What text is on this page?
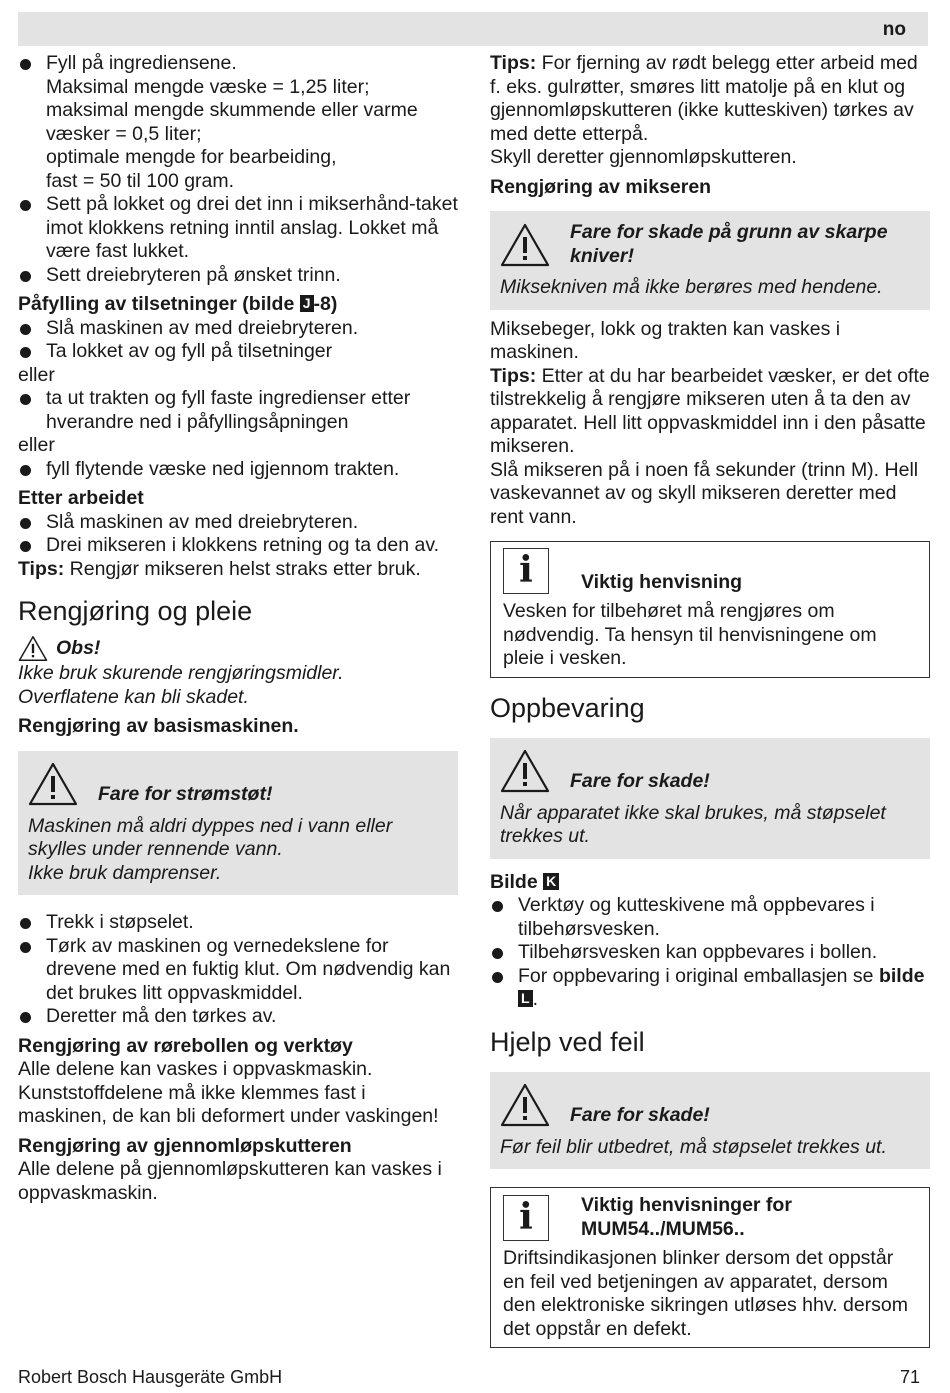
no

Fyll på ingrediensene.

Maksimal mengde væske = 1,25 liter;

maksimal mengde skummende eller varme væsker = 0,5 liter;

optimale mengde for bearbeiding,

fast = 50 til 100 gram.

Sett på lokket og drei det inn i mikserhånd-taket imot klokkens retning inntil anslag. Lokket må være fast lukket.
Sett dreiebryteren på ønsket trinn.

Påfylling av tilsetninger (bilde J -8)

Slå maskinen av med dreiebryteren.
Ta lokket av og fyll på tilsetninger

eller

ta ut trakten og fyll faste ingredienser etter hverandre ned i påfyllingsåpningen

eller

fyll flytende væske ned igjennom trakten.

Etter arbeidet

Slå maskinen av med dreiebryteren.
Drei mikseren i klokkens retning og ta den av.

Tips: Rengjør mikseren helst straks etter bruk.

Rengjøring og pleie

Obs!

Ikke bruk skurende rengjøringsmidler.

Overflatene kan bli skadet.

Rengjøring av basismaskinen.

Fare for strømstøt!

Maskinen må aldri dyppes ned i vann eller skylles under rennende vann.

Ikke bruk damprenser.

Trekk i støpselet.
Tørk av maskinen og vernedekslene for drevene med en fuktig klut. Om nødvendig kan det brukes litt oppvaskmiddel.
Deretter må den tørkes av.

Rengjøring av rørebollen og verktøy

Alle delene kan vaskes i oppvaskmaskin. Kunststoffdelene må ikke klemmes fast i maskinen, de kan bli deformert under vaskingen!

Rengjøring av gjennomløpskutteren

Alle delene på gjennomløpskutteren kan vaskes i oppvaskmaskin.

Tips: For fjerning av rødt belegg etter arbeid med f. eks. gulrøtter, smøres litt matolje på en klut og gjennomløpskutteren (ikke kutteskiven) tørkes av med dette etterpå.

Skyll deretter gjennomløpskutteren.

Rengjøring av mikseren

Fare for skade på grunn av skarpe kniver!

Miksekniven må ikke berøres med hendene.

Miksebeger, lokk og trakten kan vaskes i maskinen.

Tips: Etter at du har bearbeidet væsker, er det ofte tilstrekkelig å rengjøre mikseren uten å ta den av apparatet. Hell litt oppvaskmiddel inn i den påsatte mikseren.

Slå mikseren på i noen få sekunder (trinn M). Hell vaskevannet av og skyll mikseren deretter med rent vann.

i	Viktig henvisning

Vesken for tilbehøret må rengjøres om nødvendig. Ta hensyn til henvisningene om pleie i vesken.

Oppbevaring

Fare for skade!

Når apparatet ikke skal brukes, må støpselet trekkes ut.

Bilde K

Verktøy og kutteskivene må oppbevares i tilbehørsvesken.
Tilbehørsvesken kan oppbevares i bollen.
For oppbevaring i original emballasjen se bilde L .

Hjelp ved feil

Fare for skade!

Før feil blir utbedret, må støpselet trekkes ut.

i	Viktig henvisninger for MUM54../MUM56..

Driftsindikasjonen blinker dersom det oppstår en feil ved betjeningen av apparatet, dersom den elektroniske sikringen utløses hhv. dersom det oppstår en defekt.

Robert Bosch Hausgeräte GmbH	71
